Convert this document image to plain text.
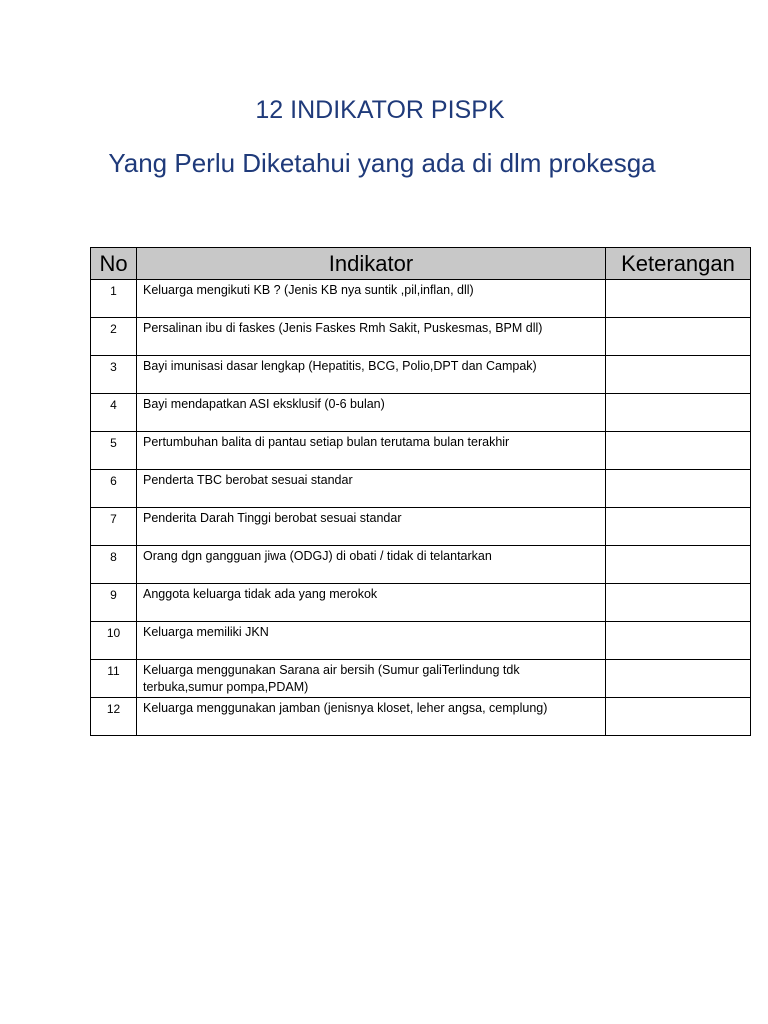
12 INDIKATOR PISPK
Yang Perlu Diketahui yang ada di dlm prokesga
No	Indikator	Keterangan
1	Keluarga mengikuti KB ? (Jenis KB nya suntik ,pil,inflan, dll)	
2	Persalinan ibu di faskes (Jenis Faskes Rmh Sakit, Puskesmas, BPM dll)	
3	Bayi imunisasi dasar lengkap (Hepatitis, BCG, Polio,DPT dan Campak)	
4	Bayi mendapatkan ASI eksklusif (0-6 bulan)	
5	Pertumbuhan balita di pantau setiap bulan terutama bulan terakhir	
6	Penderta TBC berobat sesuai standar	
7	Penderita Darah Tinggi berobat sesuai standar	
8	Orang dgn gangguan jiwa (ODGJ) di obati / tidak di telantarkan	
9	Anggota keluarga tidak ada yang merokok	
10	Keluarga memiliki JKN	
11	Keluarga menggunakan Sarana air bersih (Sumur galiTerlindung tdk terbuka,sumur pompa,PDAM)	
12	Keluarga menggunakan jamban (jenisnya kloset, leher angsa, cemplung)	
